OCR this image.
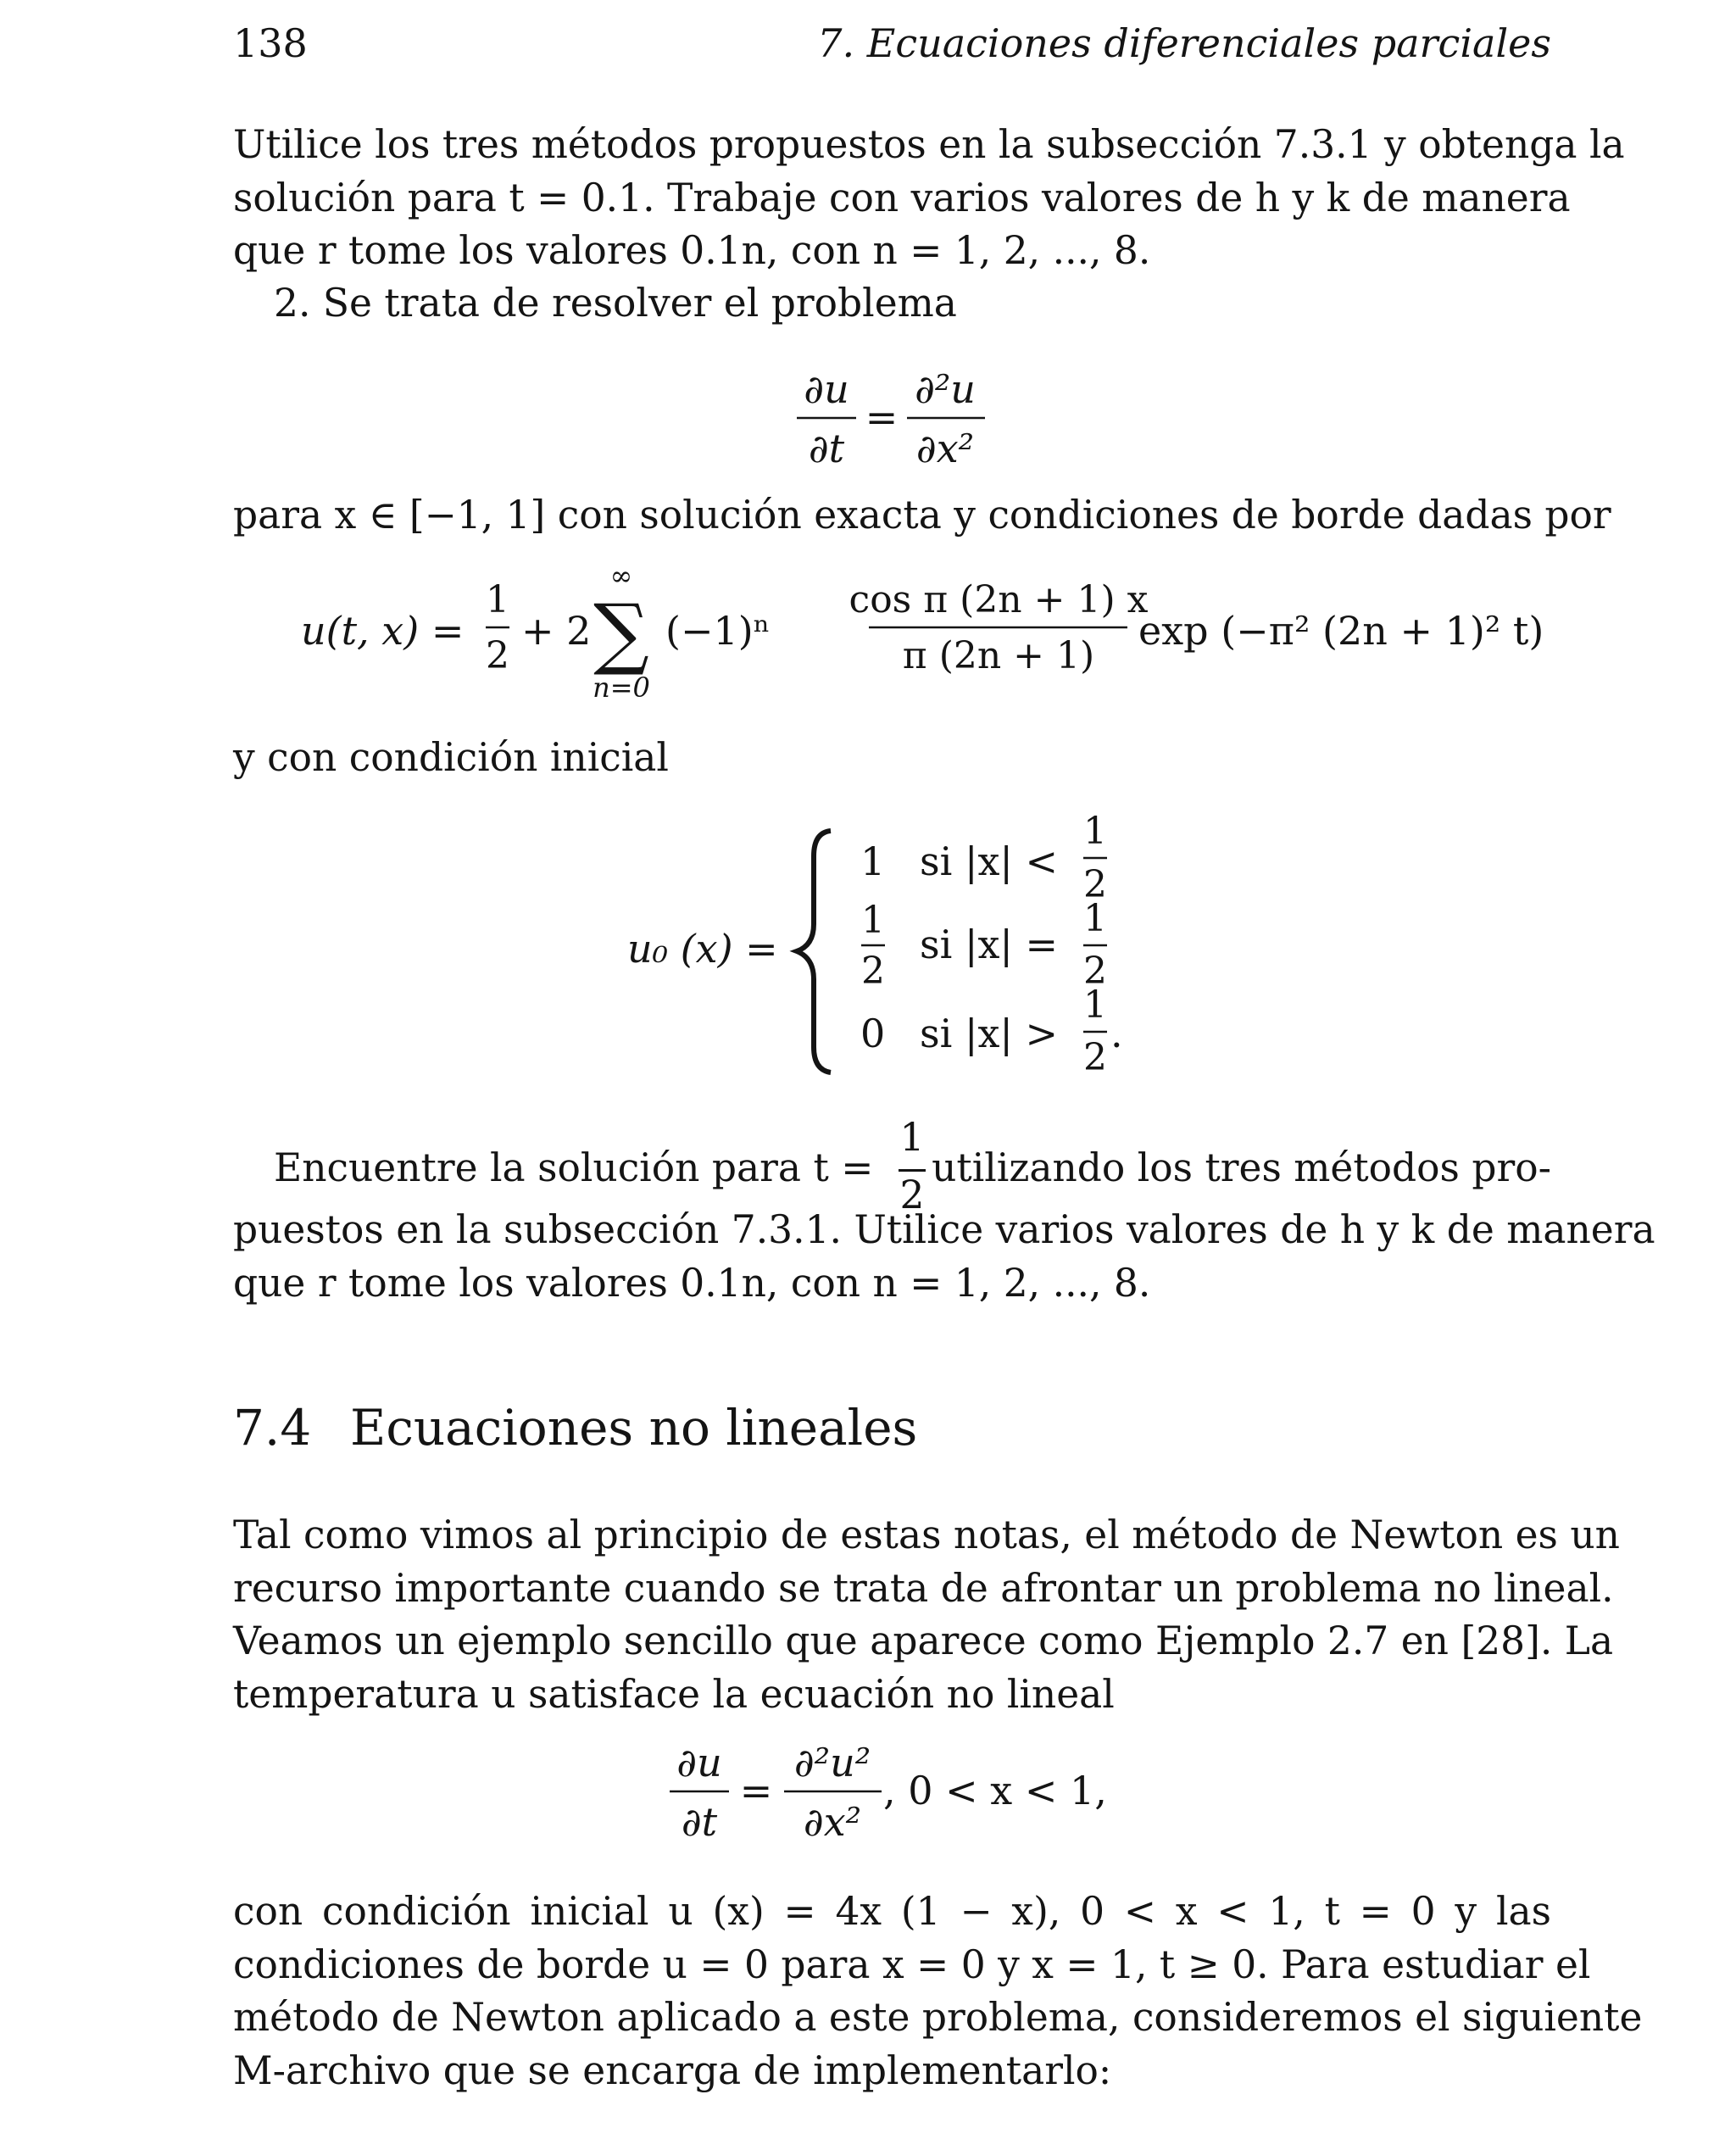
138	7. Ecuaciones diferenciales parciales
Utilice los tres métodos propuestos en la subsección 7.3.1 y obtenga la
solución para t = 0.1. Trabaje con varios valores de h y k de manera
que r tome los valores 0.1n, con n = 1, 2, ..., 8.
2. Se trata de resolver el problema
∂u
∂t
=
∂²u
∂x²
para x ∈ [−1, 1] con solución exacta y condiciones de borde dadas por
u(t, x) =
1
2
+ 2
∞
∑
n=0
(−1)ⁿ
cos π (2n + 1) x
π (2n + 1)
exp (−π² (2n + 1)² t)
y con condición inicial
u₀ (x) =
1 si |x| <
1
2
1
2
si |x| =
1
2
0 si |x| >
1
2
.
Encuentre la solución para t =
1
2
utilizando los tres métodos pro-
puestos en la subsección 7.3.1. Utilice varios valores de h y k de manera
que r tome los valores 0.1n, con n = 1, 2, ..., 8.
7.4 Ecuaciones no lineales
Tal como vimos al principio de estas notas, el método de Newton es un
recurso importante cuando se trata de afrontar un problema no lineal.
Veamos un ejemplo sencillo que aparece como Ejemplo 2.7 en [28]. La
temperatura u satisface la ecuación no lineal
∂u
∂t
=
∂²u²
∂x²
, 0 < x < 1,
con condición inicial u (x) = 4x (1 − x), 0 < x < 1, t = 0 y las
condiciones de borde u = 0 para x = 0 y x = 1, t ≥ 0. Para estudiar el
método de Newton aplicado a este problema, consideremos el siguiente
M-archivo que se encarga de implementarlo:
